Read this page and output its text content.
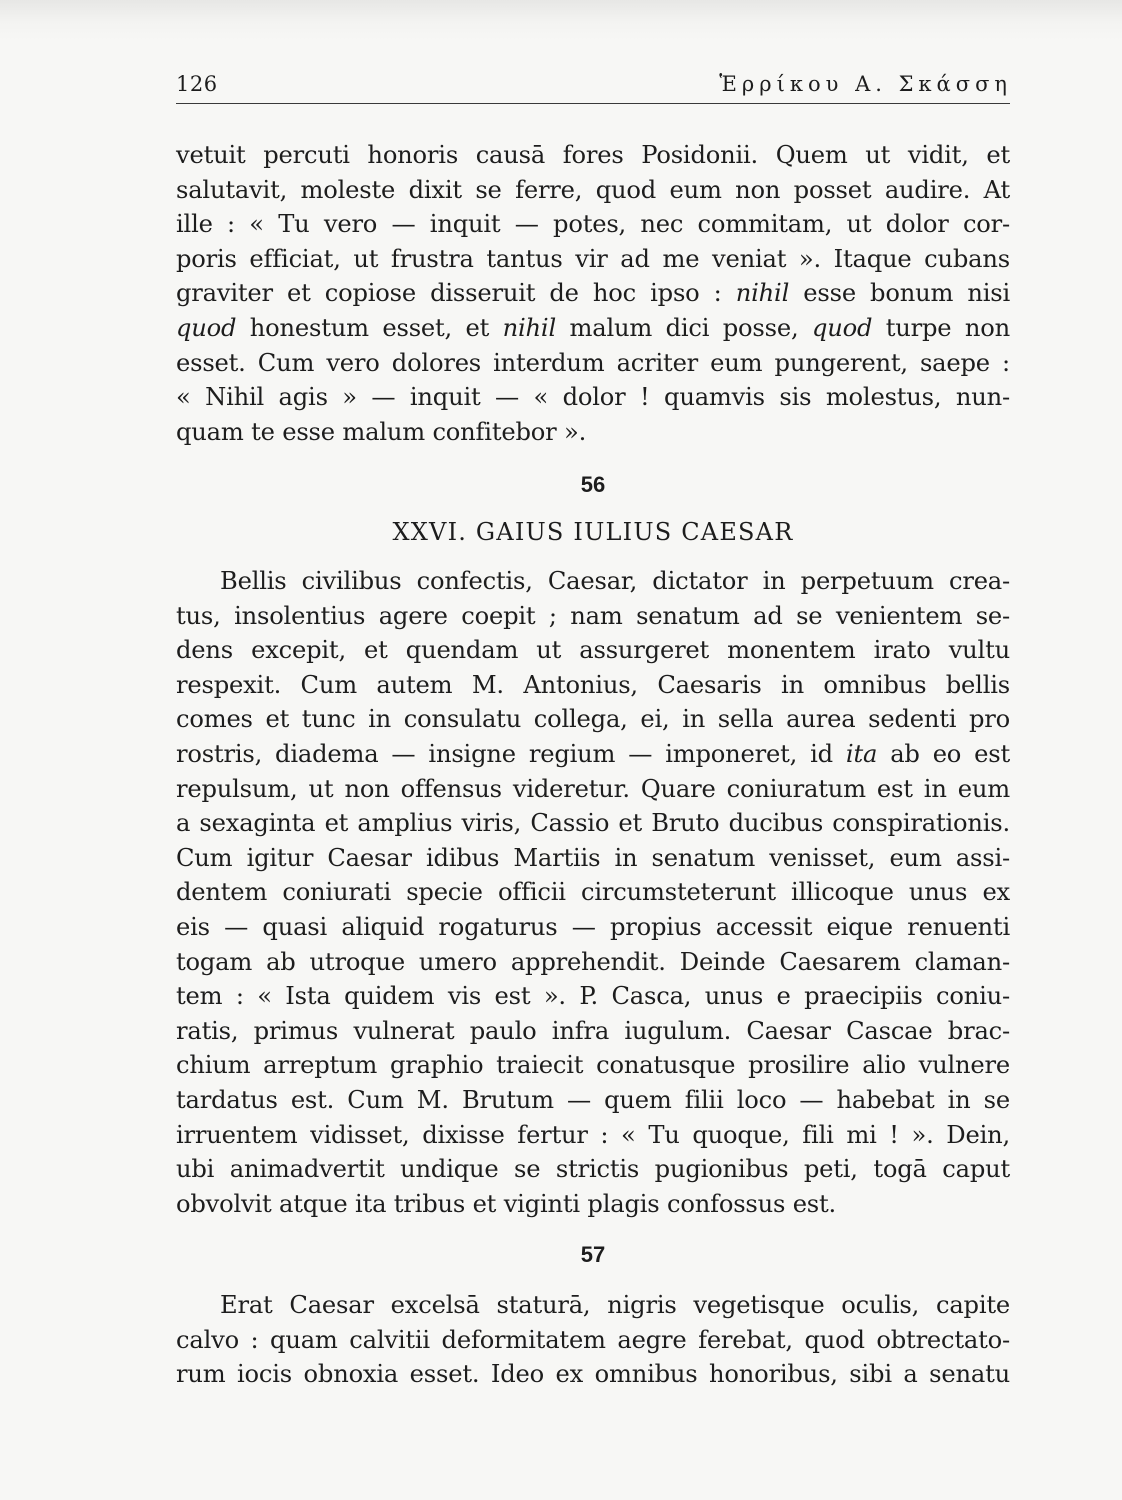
126	Ἑρρίκου Α. Σκάσση
vetuit percuti honoris causā fores Posidonii. Quem ut vidit, et
salutavit, moleste dixit se ferre, quod eum non posset audire. At
ille : « Tu vero — inquit — potes, nec commitam, ut dolor cor-
poris efficiat, ut frustra tantus vir ad me veniat ». Itaque cubans
graviter et copiose disseruit de hoc ipso : nihil esse bonum nisi
quod honestum esset, et nihil malum dici posse, quod turpe non
esset. Cum vero dolores interdum acriter eum pungerent, saepe :
« Nihil agis » — inquit — « dolor ! quamvis sis molestus, nun-
quam te esse malum confitebor ».
56
XXVI. GAIUS IULIUS CAESAR
Bellis civilibus confectis, Caesar, dictator in perpetuum crea-
tus, insolentius agere coepit ; nam senatum ad se venientem se-
dens excepit, et quendam ut assurgeret monentem irato vultu
respexit. Cum autem M. Antonius, Caesaris in omnibus bellis
comes et tunc in consulatu collega, ei, in sella aurea sedenti pro
rostris, diadema — insigne regium — imponeret, id ita ab eo est
repulsum, ut non offensus videretur. Quare coniuratum est in eum
a sexaginta et amplius viris, Cassio et Bruto ducibus conspirationis.
Cum igitur Caesar idibus Martiis in senatum venisset, eum assi-
dentem coniurati specie officii circumsteterunt illicoque unus ex
eis — quasi aliquid rogaturus — propius accessit eique renuenti
togam ab utroque umero apprehendit. Deinde Caesarem claman-
tem : « Ista quidem vis est ». P. Casca, unus e praecipiis coniu-
ratis, primus vulnerat paulo infra iugulum. Caesar Cascae brac-
chium arreptum graphio traiecit conatusque prosilire alio vulnere
tardatus est. Cum M. Brutum — quem filii loco — habebat in se
irruentem vidisset, dixisse fertur : « Tu quoque, fili mi ! ». Dein,
ubi animadvertit undique se strictis pugionibus peti, togā caput
obvolvit atque ita tribus et viginti plagis confossus est.
57
Erat Caesar excelsā staturā, nigris vegetisque oculis, capite
calvo : quam calvitii deformitatem aegre ferebat, quod obtrectato-
rum iocis obnoxia esset. Ideo ex omnibus honoribus, sibi a senatu
